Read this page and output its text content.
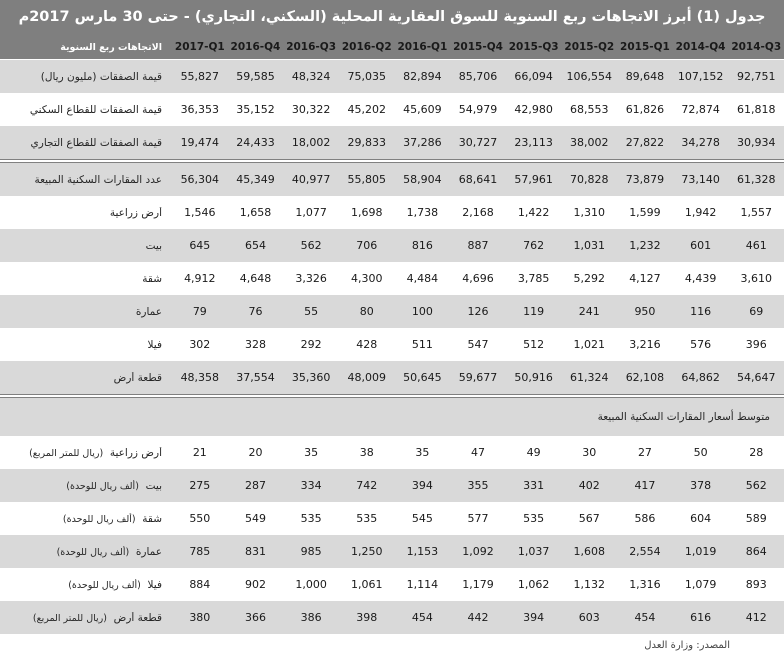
جدول (1) أبرز الاتجاهات ربع السنوية للسوق العقارية المحلية (السكني، التجاري) - حتى 30 مارس 2017م
الاتجاهات ربع السنوية	2017-Q1 2016-Q4 2016-Q3 2016-Q2 2016-Q1 2015-Q4 2015-Q3 2015-Q2 2015-Q1 2014-Q4 2014-Q3
قيمة الصفقات (مليون ريال)	55,827	59,585	48,324	75,035	82,894	85,706	66,094	106,554	89,648	107,152	92,751
قيمة الصفقات للقطاع السكني	36,353	35,152	30,322	45,202	45,609	54,979	42,980	68,553	61,826	72,874	61,818
قيمة الصفقات للقطاع التجاري	19,474	24,433	18,002	29,833	37,286	30,727	23,113	38,002	27,822	34,278	30,934
عدد المقارات السكنية المبيعة	56,304	45,349	40,977	55,805	58,904	68,641	57,961	70,828	73,879	73,140	61,328
أرض زراعية	1,546	1,658	1,077	1,698	1,738	2,168	1,422	1,310	1,599	1,942	1,557
بيت	645	654	562	706	816	887	762	1,031	1,232	601	461
شقة	4,912	4,648	3,326	4,300	4,484	4,696	3,785	5,292	4,127	4,439	3,610
عمارة	79	76	55	80	100	126	119	241	950	116	69
فيلا	302	328	292	428	511	547	512	1,021	3,216	576	396
قطعة أرض	48,358	37,554	35,360	48,009	50,645	59,677	50,916	61,324	62,108	64,862	54,647
متوسط أسعار المقارات السكنية المبيعة
أرض زراعية  (ريال للمتر المربع)	21	20	35	38	35	47	49	30	27	50	28
بيت  (ألف ريال للوحدة)	275	287	334	742	394	355	331	402	417	378	562
شقة  (ألف ريال للوحدة)	550	549	535	535	545	577	535	567	586	604	589
عمارة  (ألف ريال للوحدة)	785	831	985	1,250	1,153	1,092	1,037	1,608	2,554	1,019	864
فيلا  (ألف ريال للوحدة)	884	902	1,000	1,061	1,114	1,179	1,062	1,132	1,316	1,079	893
قطعة أرض  (ريال للمتر المربع)	380	366	386	398	454	442	394	603	454	616	412
المصدر: وزارة العدل
